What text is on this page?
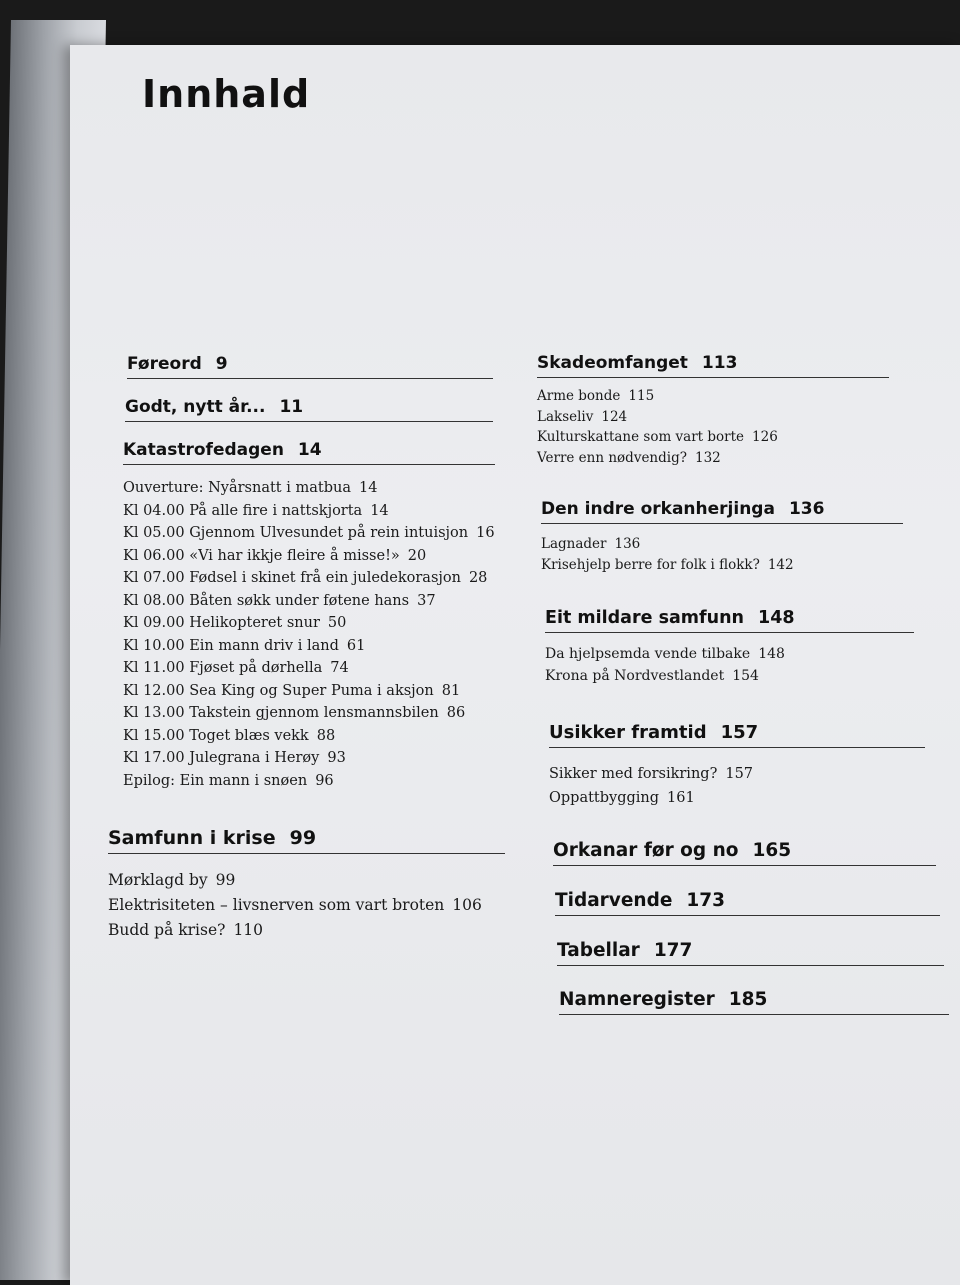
Innhald
Føreord 9
Godt, nytt år... 11
Katastrofedagen 14
Ouverture: Nyårsnatt i matbua 14
Kl 04.00 På alle fire i nattskjorta 14
Kl 05.00 Gjennom Ulvesundet på rein intuisjon 16
Kl 06.00 «Vi har ikkje fleire å misse!» 20
Kl 07.00 Fødsel i skinet frå ein juledekorasjon 28
Kl 08.00 Båten søkk under føtene hans 37
Kl 09.00 Helikopteret snur 50
Kl 10.00 Ein mann driv i land 61
Kl 11.00 Fjøset på dørhella 74
Kl 12.00 Sea King og Super Puma i aksjon 81
Kl 13.00 Takstein gjennom lensmannsbilen 86
Kl 15.00 Toget blæs vekk 88
Kl 17.00 Julegrana i Herøy 93
Epilog: Ein mann i snøen 96
Samfunn i krise 99
Mørklagd by 99
Elektrisiteten – livsnerven som vart broten 106
Budd på krise? 110
Skadeomfanget 113
Arme bonde 115
Lakseliv 124
Kulturskattane som vart borte 126
Verre enn nødvendig? 132
Den indre orkanherjinga 136
Lagnader 136
Krisehjelp berre for folk i flokk? 142
Eit mildare samfunn 148
Da hjelpsemda vende tilbake 148
Krona på Nordvestlandet 154
Usikker framtid 157
Sikker med forsikring? 157
Oppattbygging 161
Orkanar før og no 165
Tidarvende 173
Tabellar 177
Namneregister 185
